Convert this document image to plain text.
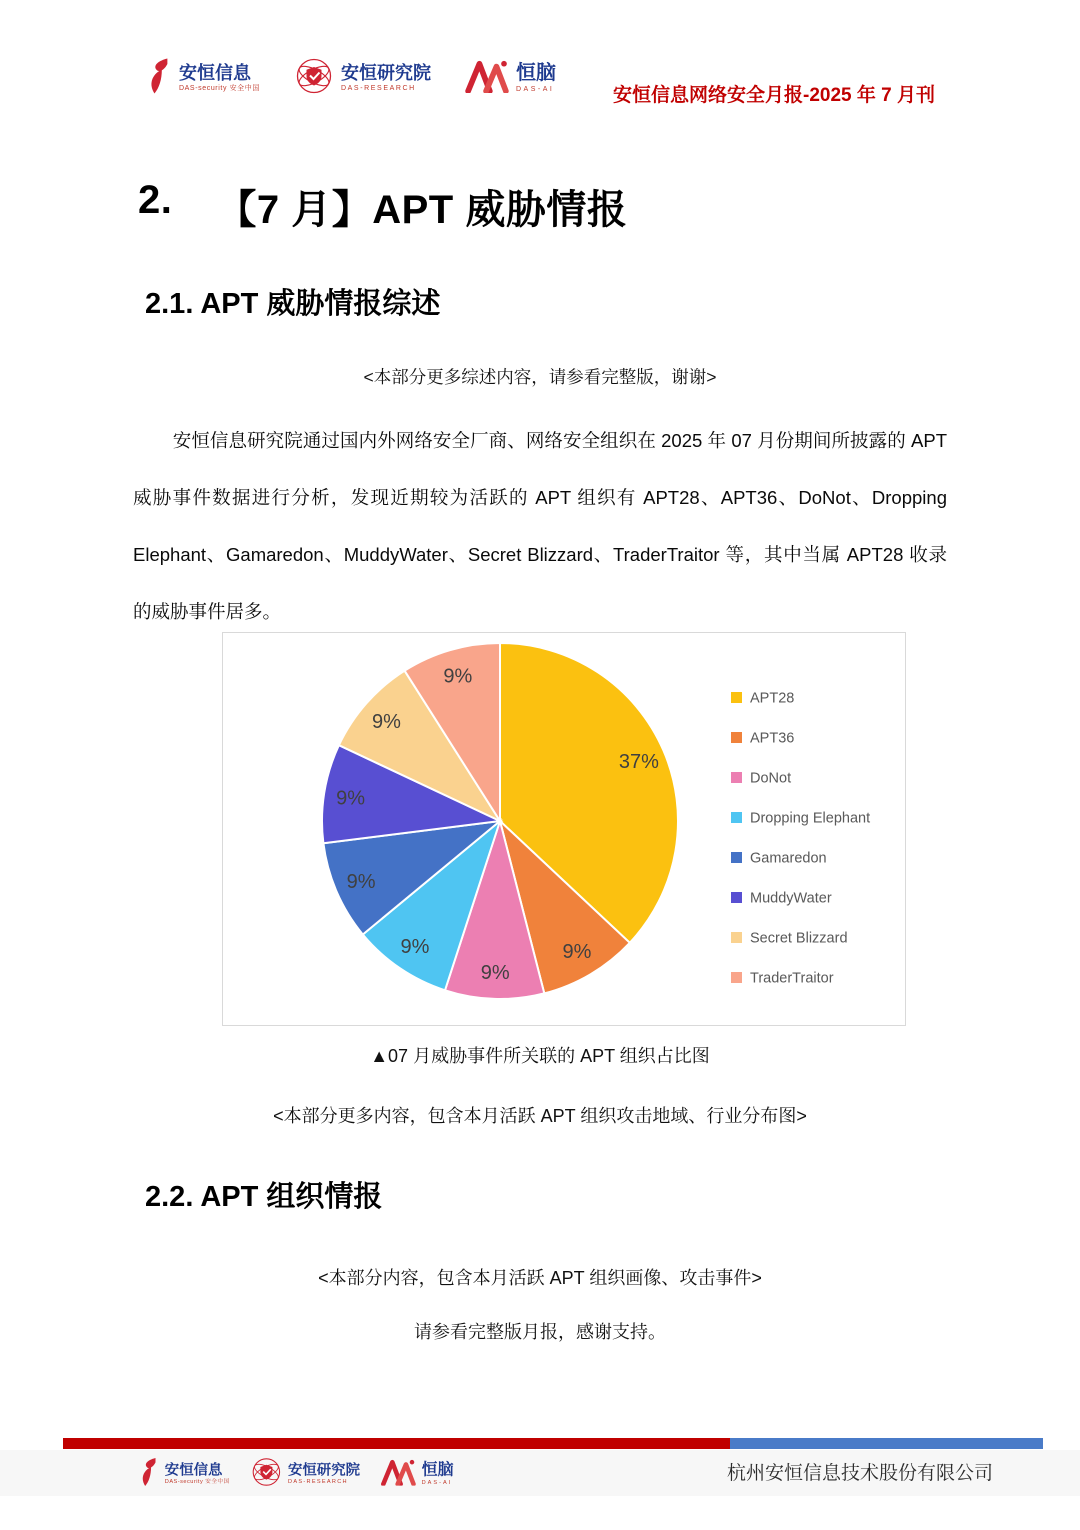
安恒信息
DAS-security 安全中国
安恒研究院
DAS-RESEARCH
恒脑
DAS-AI	安恒信息网络安全月报-2025 年 7 月刊
2. 【7 月】APT 威胁情报
2.1. APT 威胁情报综述
<本部分更多综述内容，请参看完整版，谢谢>
安恒信息研究院通过国内外网络安全厂商、网络安全组织在 2025 年 07 月份期间所披露的 APT 威胁事件数据进行分析，发现近期较为活跃的 APT 组织有 APT28、APT36、DoNot、Dropping Elephant、Gamaredon、MuddyWater、Secret Blizzard、TraderTraitor 等，其中当属 APT28 收录的威胁事件居多。
37%
9%
9%
9%
9%
9%
9%
9%
APT28
APT36
DoNot
Dropping Elephant
Gamaredon
MuddyWater
Secret Blizzard
TraderTraitor
▲07 月威胁事件所关联的 APT 组织占比图
<本部分更多内容，包含本月活跃 APT 组织攻击地域、行业分布图>
2.2. APT 组织情报
<本部分内容，包含本月活跃 APT 组织画像、攻击事件>
请参看完整版月报，感谢支持。
安恒信息
DAS-security 安全中国
安恒研究院
DAS-RESEARCH
恒脑
DAS-AI	杭州安恒信息技术股份有限公司
